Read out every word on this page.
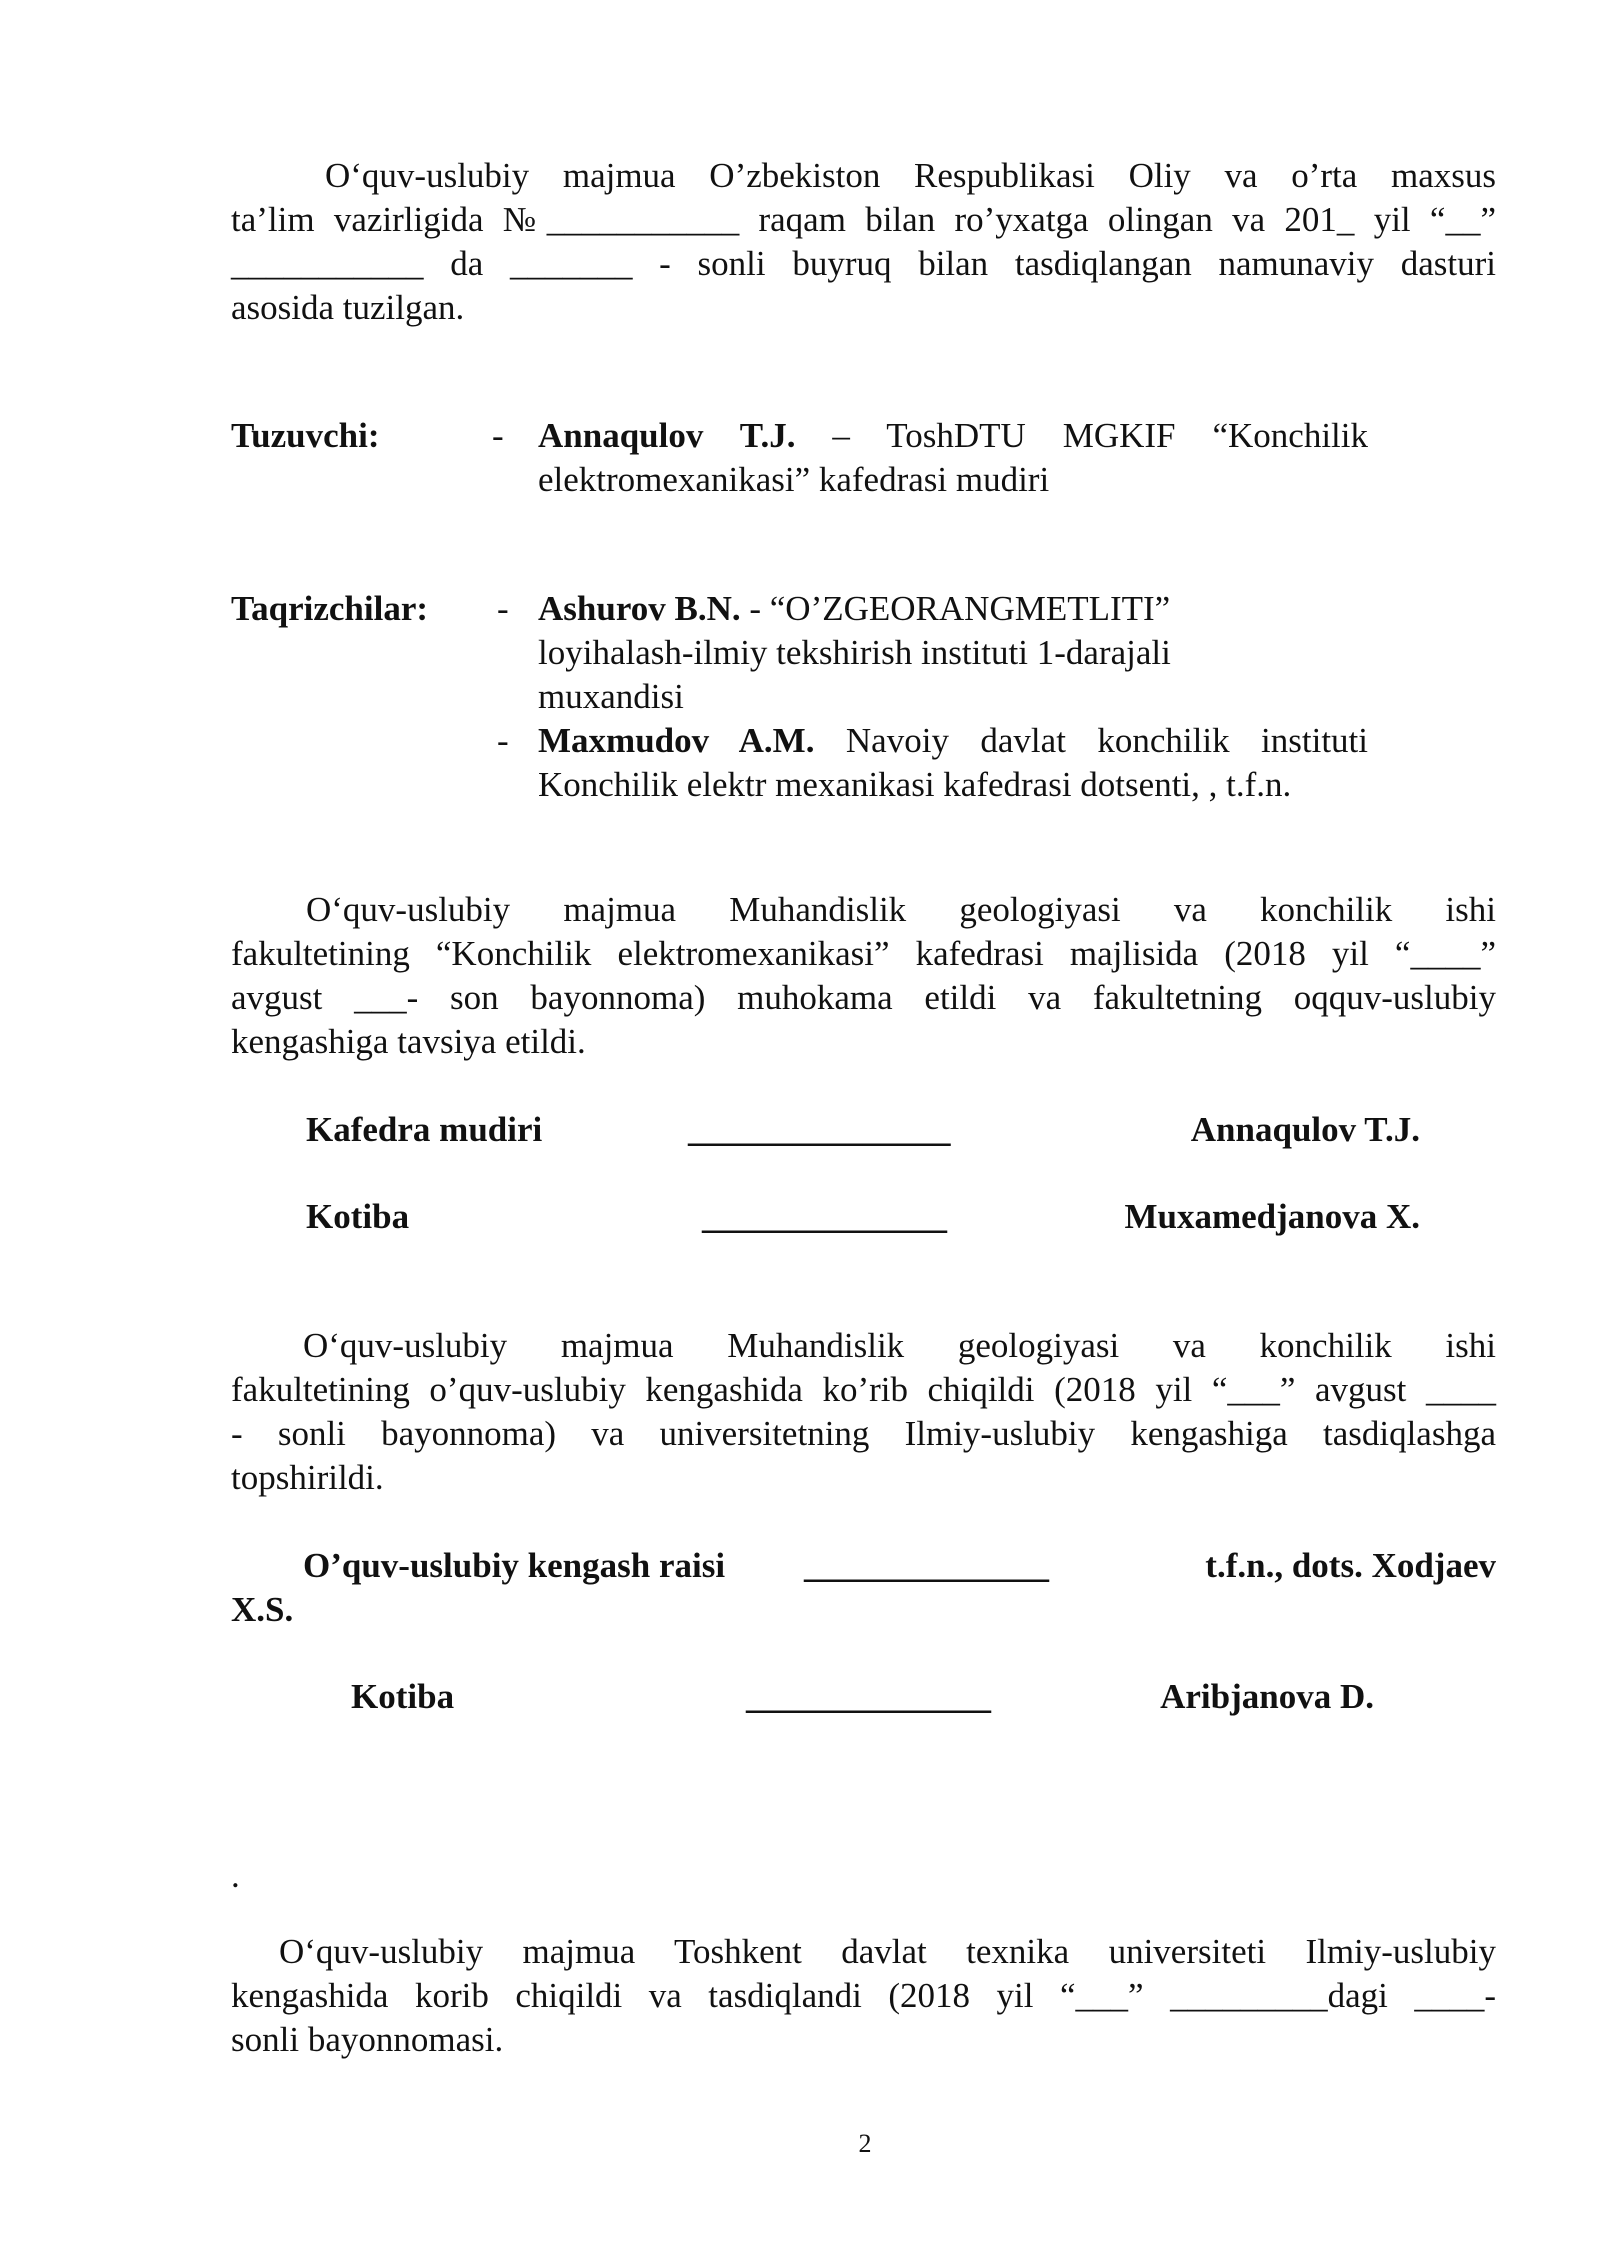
O‘quv-uslubiy majmua O’zbekiston Respublikasi Oliy va o’rta maxsus
ta’lim vazirligida №___________ raqam bilan ro’yxatga olingan va 201_ yil “__”
___________ da _______ - sonli buyruq bilan tasdiqlangan namunaviy dasturi
asosida tuzilgan.
Tuzuvchi:	- Annaqulov T.J. – ToshDTU MGKIF “Konchilik
elektromexanikasi” kafedrasi mudiri
Taqrizchilar: - Ashurov B.N. - “O’ZGEORANGMETLITI”
loyihalash-ilmiy tekshirish instituti 1-darajali
muxandisi
- Maxmudov A.M. Navoiy davlat konchilik instituti
Konchilik elektr mexanikasi kafedrasi dotsenti, , t.f.n.
O‘quv-uslubiy majmua Muhandislik geologiyasi va konchilik ishi
fakultetining “Konchilik elektromexanikasi” kafedrasi majlisida (2018 yil “____”
avgust ___- son bayonnoma) muhokama etildi va fakultetning oqquv-uslubiy
kengashiga tavsiya etildi.
Kafedra mudiri	_______________	Annaqulov T.J.
Kotiba	______________	Muxamedjanova X.
O‘quv-uslubiy majmua Muhandislik geologiyasi va konchilik ishi
fakultetining o’quv-uslubiy kengashida ko’rib chiqildi (2018 yil “___” avgust ____
- sonli bayonnoma) va universitetning Ilmiy-uslubiy kengashiga tasdiqlashga
topshirildi.
O’quv-uslubiy kengash raisi ______________	t.f.n., dots. Xodjaev
X.S.
Kotiba	______________	Aribjanova D.
.
O‘quv-uslubiy majmua Toshkent davlat texnika universiteti Ilmiy-uslubiy
kengashida korib chiqildi va tasdiqlandi (2018 yil “___” _________dagi ____-
sonli bayonnomasi.
2
